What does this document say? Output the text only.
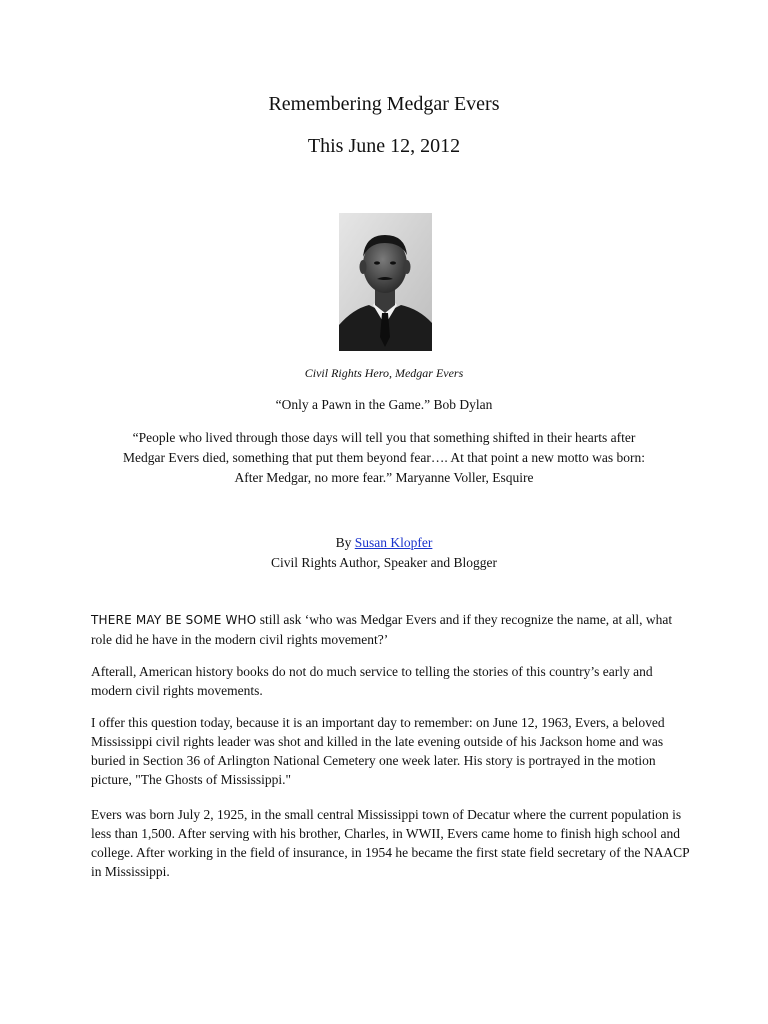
Remembering Medgar Evers
This June 12, 2012
Civil Rights Hero, Medgar Evers
“Only a Pawn in the Game.” Bob Dylan
“People who lived through those days will tell you that something shifted in their hearts after
Medgar Evers died, something that put them beyond fear…. At that point a new motto was born:
After Medgar, no more fear.” Maryanne Voller, Esquire
By Susan Klopfer
Civil Rights Author, Speaker and Blogger

THERE MAY BE SOME WHO still ask ‘who was Medgar Evers and if they recognize the name, at all, what role did he have in the modern civil rights movement?’

Afterall, American history books do not do much service to telling the stories of this country’s early and modern civil rights movements.

I offer this question today, because it is an important day to remember: on June 12, 1963, Evers, a beloved Mississippi civil rights leader was shot and killed in the late evening outside of his Jackson home and was buried in Section 36 of Arlington National Cemetery one week later. His story is portrayed in the motion picture, "The Ghosts of Mississippi."

Evers was born July 2, 1925, in the small central Mississippi town of Decatur where the current population is less than 1,500. After serving with his brother, Charles, in WWII, Evers came home to finish high school and college. After working in the field of insurance, in 1954 he became the first state field secretary of the NAACP in Mississippi.
